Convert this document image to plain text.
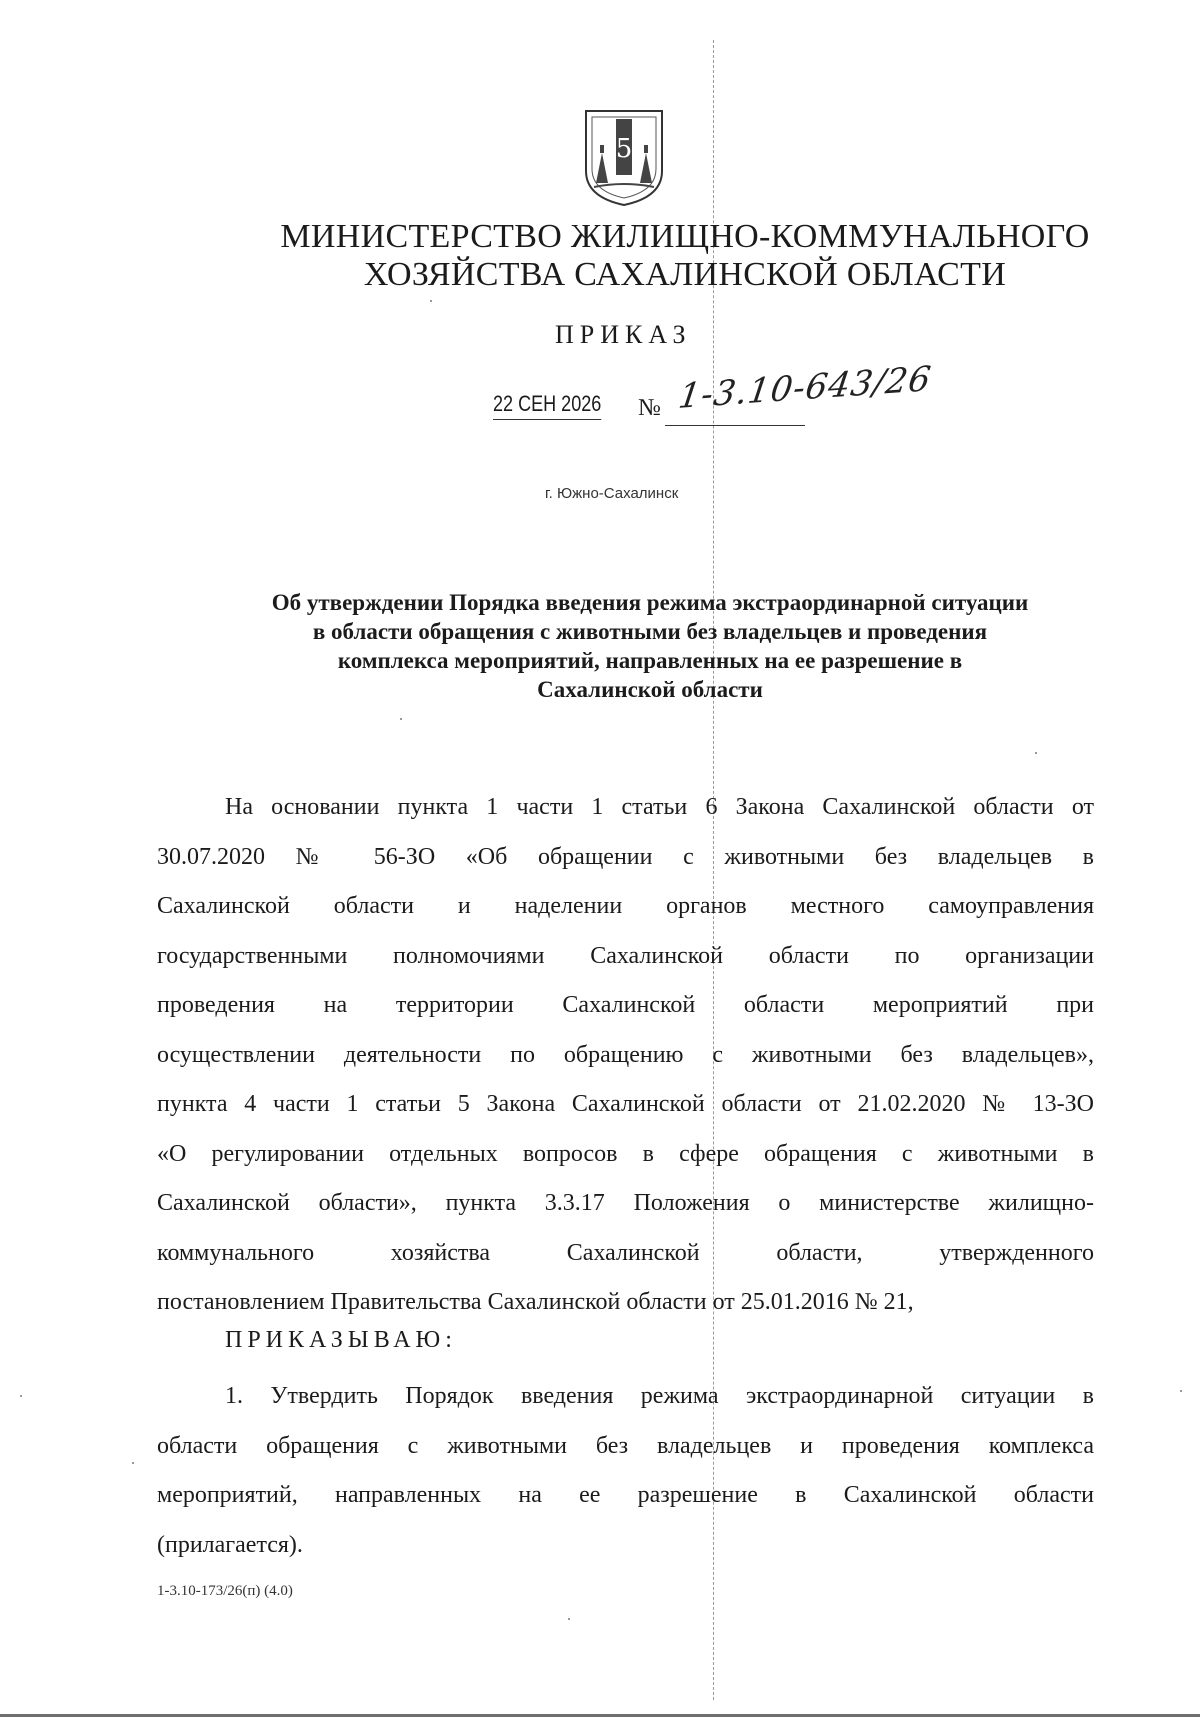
5
МИНИСТЕРСТВО ЖИЛИЩНО-КОММУНАЛЬНОГО
ХОЗЯЙСТВА САХАЛИНСКОЙ ОБЛАСТИ
ПРИКАЗ
22 СЕН 2026 № 1-3.10-643/26
г. Южно-Сахалинск
Об утверждении Порядка введения режима экстраординарной ситуации
в области обращения с животными без владельцев и проведения
комплекса мероприятий, направленных на ее разрешение в
Сахалинской области
На основании пункта 1 части 1 статьи 6 Закона Сахалинской области от
30.07.2020 № 56-ЗО «Об обращении с животными без владельцев в
Сахалинской области и наделении органов местного самоуправления
государственными полномочиями Сахалинской области по организации
проведения на территории Сахалинской области мероприятий при
осуществлении деятельности по обращению с животными без владельцев»,
пункта 4 части 1 статьи 5 Закона Сахалинской области от 21.02.2020 № 13-ЗО
«О регулировании отдельных вопросов в сфере обращения с животными в
Сахалинской области», пункта 3.3.17 Положения о министерстве жилищно-
коммунального хозяйства Сахалинской области, утвержденного
постановлением Правительства Сахалинской области от 25.01.2016 № 21,
ПРИКАЗЫВАЮ:
1. Утвердить Порядок введения режима экстраординарной ситуации в
области обращения с животными без владельцев и проведения комплекса
мероприятий, направленных на ее разрешение в Сахалинской области
(прилагается).
1-3.10-173/26(п) (4.0)
